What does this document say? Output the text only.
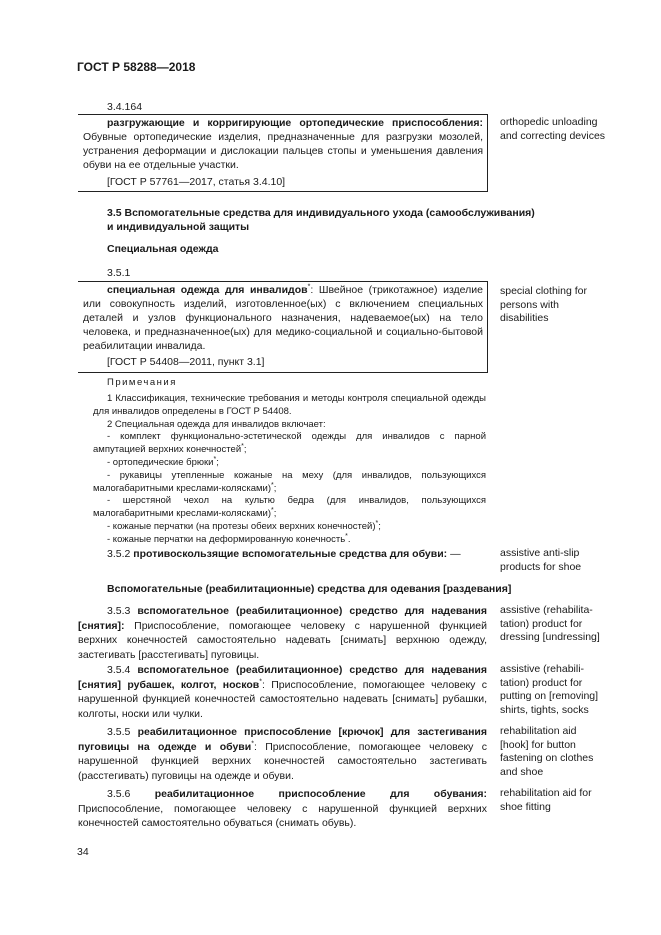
ГОСТ Р 58288—2018
3.4.164
разгружающие и корригирующие ортопедические приспособления: Обувные ортопедические изделия, предназначенные для разгрузки мозолей, устранения деформации и дислокации пальцев стопы и уменьшения давления обуви на ее отдельные участки.
[ГОСТ Р 57761—2017, статья 3.4.10]
orthopedic unloading
and correcting devices
3.5 Вспомогательные средства для индивидуального ухода (самообслуживания)
и индивидуальной защиты
Специальная одежда
3.5.1
специальная одежда для инвалидов*: Швейное (трикотажное) изделие или совокупность изделий, изготовленное(ых) с включением специальных деталей и узлов функционального назначения, надеваемое(ых) на тело человека, и предназначенное(ых) для медико-социальной и социально-бытовой реабилитации инвалида.
[ГОСТ Р 54408—2011, пункт 3.1]
special clothing for
persons with
disabilities
Примечания
1 Классификация, технические требования и методы контроля специальной одежды для инвалидов определены в ГОСТ Р 54408.
2 Специальная одежда для инвалидов включает:
- комплект функционально-эстетической одежды для инвалидов с парной ампутацией верхних конечностей*;
- ортопедические брюки*;
- рукавицы утепленные кожаные на меху (для инвалидов, пользующихся малогабаритными креслами-колясками)*;
- шерстяной чехол на культю бедра (для инвалидов, пользующихся малогабаритными креслами-колясками)*;
- кожаные перчатки (на протезы обеих верхних конечностей)*;
- кожаные перчатки на деформированную конечность*.
3.5.2 противоскользящие вспомогательные средства для обуви: —	assistive anti-slip
products for shoe
Вспомогательные (реабилитационные) средства для одевания [раздевания]
3.5.3 вспомогательное (реабилитационное) средство для надевания [снятия]: Приспособление, помогающее человеку с нарушенной функцией верхних конечностей самостоятельно надевать [снимать] верхнюю одежду, застегивать [расстегивать] пуговицы.
assistive (rehabilita-
tation) product for
dressing [undressing]
3.5.4 вспомогательное (реабилитационное) средство для надевания [снятия] рубашек, колгот, носков*: Приспособление, помогающее человеку с нарушенной функцией конечностей самостоятельно надевать [снимать] рубашки, колготы, носки или чулки.
assistive (rehabili-
tation) product for
putting on [removing]
shirts, tights, socks
3.5.5 реабилитационное приспособление [крючок] для застегивания пуговицы на одежде и обуви*: Приспособление, помогающее человеку с нарушенной функцией верхних конечностей самостоятельно застегивать (расстегивать) пуговицы на одежде и обуви.
rehabilitation aid
[hook] for button
fastening on clothes
and shoe
3.5.6 реабилитационное приспособление для обувания: Приспособление, помогающее человеку с нарушенной функцией верхних конечностей самостоятельно обуваться (снимать обувь).
rehabilitation aid for
shoe fitting
34
